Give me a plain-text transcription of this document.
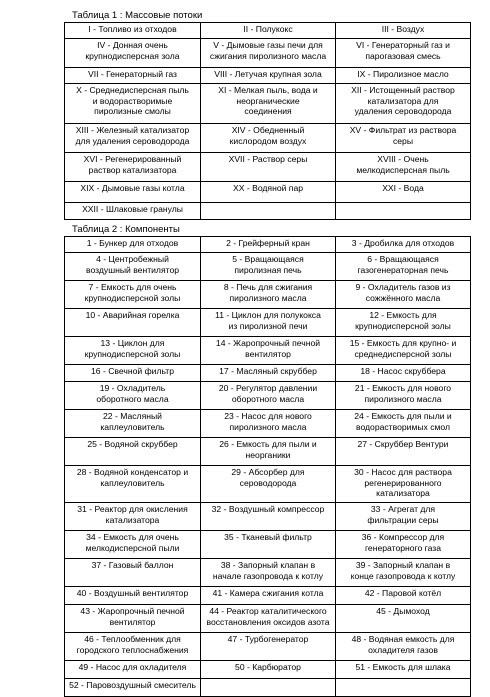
Таблица 1 : Массовые потоки
I - Топливо из отходов	II - Полукокс	III - Воздух

IV - Донная очень
крупнодисперсная зола	V - Дымовые газы печи для
сжигания пиролизного масла	VI - Генераторный газ и
парогазовая смесь

VII - Генераторный газ	VIII - Летучая крупная зола	IX - Пиролизное масло

X - Среднедисперсная пыль
и водорастворимые
пиролизные смолы	XI - Мелкая пыль, вода и
неорганические
соединения	XII - Истощенный раствор
катализатора для
удаления сероводорода

XIII - Железный катализатор
для удаления сероводорода	XIV - Обедненный
кислородом воздух	XV - Фильтрат из раствора
серы

XVI - Регенерированный
раствор катализатора	XVII - Раствор серы	XVIII - Очень
мелкодисперсная пыль

XIX - Дымовые газы котла	XX - Водяной пар	XXI - Вода

XXII - Шлаковые гранулы		

Таблица 2 : Компоненты
1 - Бункер для отходов	2 - Грейферный кран	3 - Дробилка для отходов

4 - Центробежный
воздушный вентилятор	5 - Вращающаяся
пиролизная печь	6 - Вращающаяся
газогенераторная печь

7 - Емкость для очень
крупнодисперсной золы	8 - Печь для сжигания
пиролизного масла	9 - Охладитель газов из
сожжённого масла

10 - Аварийная горелка	11 - Циклон для полукокса
из пиролизной печи	12 - Емкость для
крупнодисперсной золы

13 - Циклон для
крупнодисперсной золы	14 - Жаропрочный печной
вентилятор	15 - Емкость для крупно- и
среднедисперсной золы

16 - Свечной фильтр	17 - Масляный скруббер	18 - Насос скруббера

19 - Охладитель
оборотного масла	20 - Регулятор давлении
оборотного масла	21 - Емкость для нового
пиролизного масла

22 - Масляный
каплеуловитель	23 - Насос для нового
пиролизного масла	24 - Емкость для пыли и
водорастворимых смол

25 - Водяной скруббер	26 - Емкость для пыли и
неорганики	27 - Скруббер Вентури

28 - Водяной конденсатор и
каплеуловитель	29 - Абсорбер для
сероводорода	30 - Насос для раствора
регенерированного
катализатора

31 - Реактор для окисления
катализатора	32 - Воздушный компрессор	33 - Агрегат для
фильтрации серы

34 - Емкость для очень
мелкодисперсной пыли	35 - Тканевый фильтр	36 - Компрессор для
генераторного газа

37 - Газовый баллон	38 - Запорный клапан в
начале газопровода к котлу	39 - Запорный клапан в
конце газопровода к котлу

40 - Воздушный вентилятор	41 - Камера сжигания котла	42 - Паровой котёл

43 - Жаропрочный печной
вентилятор	44 - Реактор каталитического
восстановления оксидов азота	45 - Дымоход

46 - Теплообменник для
городского теплоснабжения	47 - Турбогенератор	48 - Водяная емкость для
охладителя газов

49 - Насос для охладителя	50 - Карбюратор	51 - Емкость для шлака

52 - Паровоздушный смеситель		
